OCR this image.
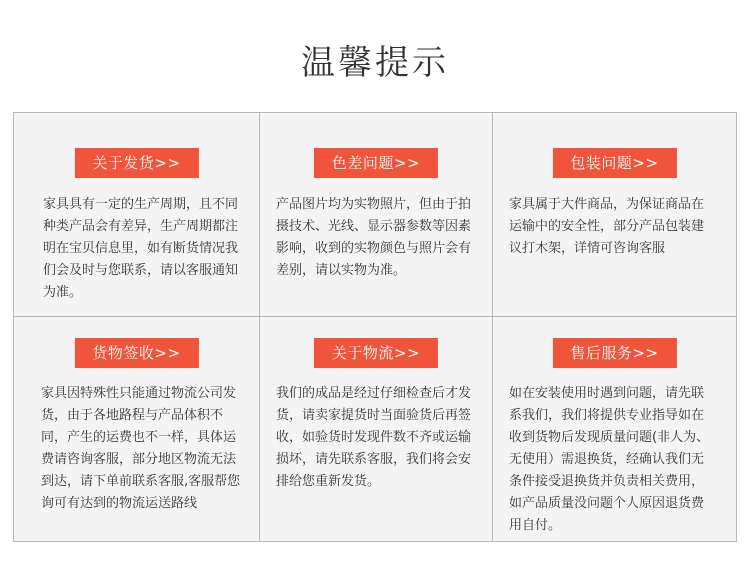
温馨提示
关于发货>>
家具具有一定的生产周期，且不同种类产品会有差异，生产周期都注明在宝贝信息里，如有断货情况我们会及时与您联系，请以客服通知为准。
色差问题>>
产品图片均为实物照片，但由于拍摄技术、光线、显示器参数等因素影响，收到的实物颜色与照片会有差别，请以实物为准。
包装问题>>
家具属于大件商品，为保证商品在运输中的安全性，部分产品包装建议打木架，详情可咨询客服
货物签收>>
家具因特殊性只能通过物流公司发货，由于各地路程与产品体积不同，产生的运费也不一样，具体运费请咨询客服，部分地区物流无法到达，请下单前联系客服,客服帮您询可有达到的物流运送路线
关于物流>>
我们的成品是经过仔细检查后才发货，请卖家提货时当面验货后再签收，如验货时发现件数不齐或运输损坏，请先联系客服，我们将会安排给您重新发货。
售后服务>>
如在安装使用时遇到问题，请先联系我们，我们将提供专业指导如在收到货物后发现质量问题(非人为、无使用）需退换货，经确认我们无条件接受退换货并负责相关费用，如产品质量没问题个人原因退货费用自付。
